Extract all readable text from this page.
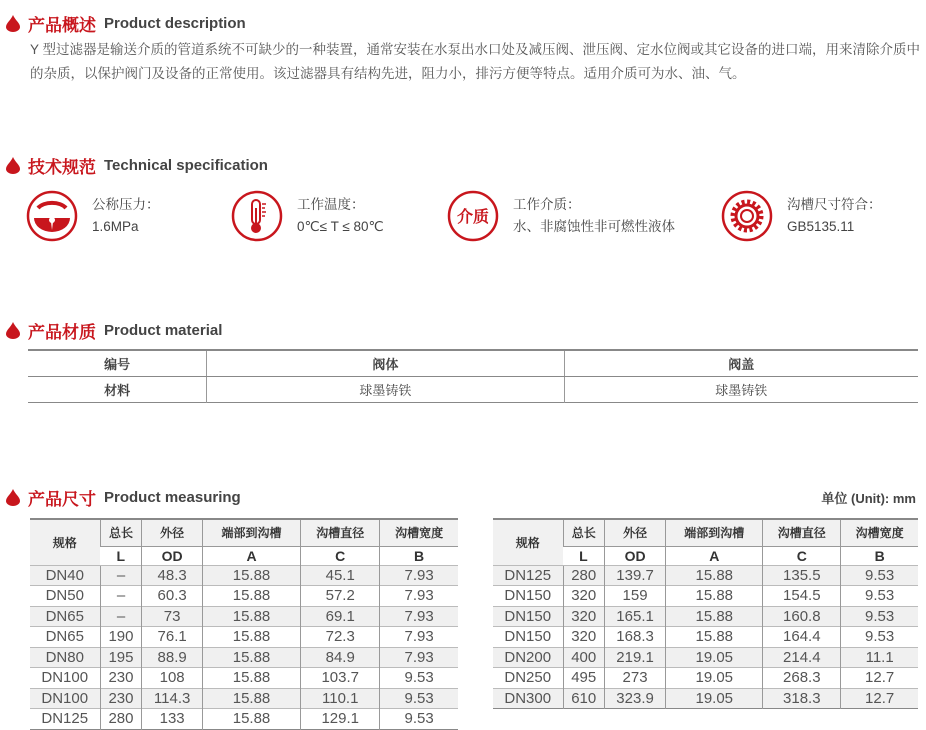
产品概述 Product description

Y 型过滤器是输送介质的管道系统不可缺少的一种装置，通常安装在水泵出水口处及减压阀、泄压阀、定水位阀或其它设备的进口端，用来清除介质中的杂质，以保护阀门及设备的正常使用。该过滤器具有结构先进，阻力小，排污方便等特点。适用介质可为水、油、气。

技术规范 Technical specification
公称压力：
1.6MPa
工作温度：
0℃≤ T ≤ 80℃
介质
工作介质：
水、非腐蚀性非可燃性液体
沟槽尺寸符合：
GB5135.11
产品材质 Product material
编号	阀体	阀盖
材料	球墨铸铁	球墨铸铁
产品尺寸 Product measuring	单位 (Unit): mm
规格	总长	外径	端部到沟槽	沟槽直径	沟槽宽度
	L	OD	A	C	B
DN40	–	48.3	15.88	45.1	7.93
DN50	–	60.3	15.88	57.2	7.93
DN65	–	73	15.88	69.1	7.93
DN65	190	76.1	15.88	72.3	7.93
DN80	195	88.9	15.88	84.9	7.93
DN100	230	108	15.88	103.7	9.53
DN100	230	114.3	15.88	110.1	9.53
DN125	280	133	15.88	129.1	9.53
规格	总长	外径	端部到沟槽	沟槽直径	沟槽宽度
	L	OD	A	C	B
DN125	280	139.7	15.88	135.5	9.53
DN150	320	159	15.88	154.5	9.53
DN150	320	165.1	15.88	160.8	9.53
DN150	320	168.3	15.88	164.4	9.53
DN200	400	219.1	19.05	214.4	11.1
DN250	495	273	19.05	268.3	12.7
DN300	610	323.9	19.05	318.3	12.7
